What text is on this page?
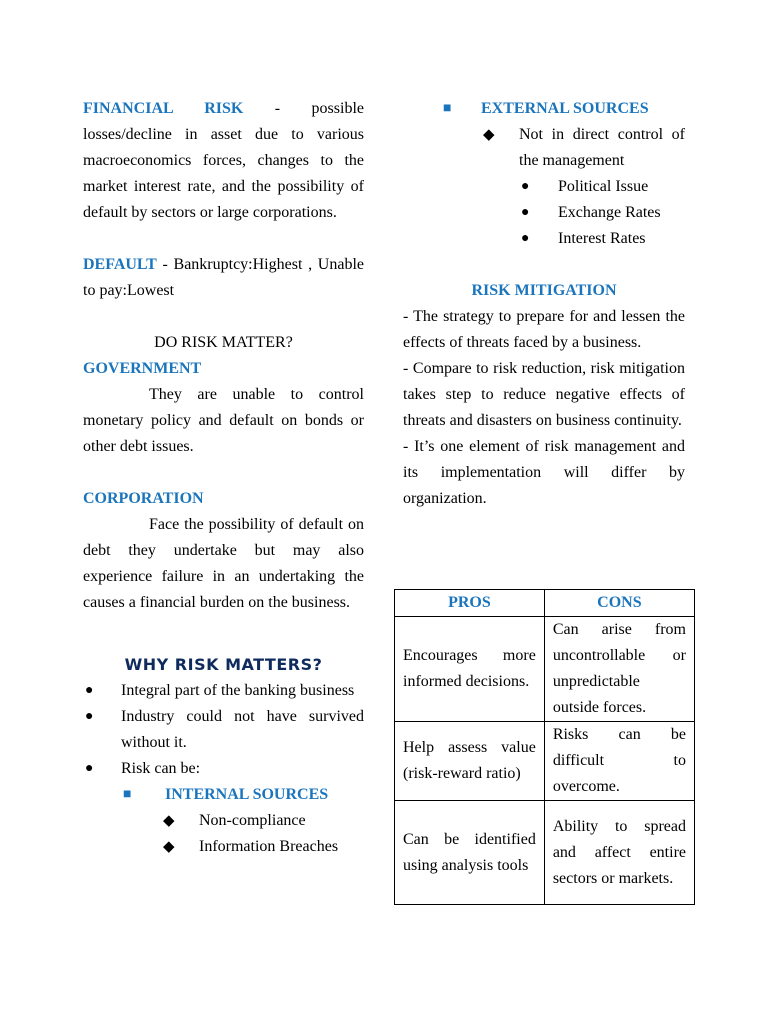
FINANCIAL RISK - possible losses/decline in asset due to various macroeconomics forces, changes to the market interest rate, and the possibility of default by sectors or large corporations.
DEFAULT - Bankruptcy:Highest , Unable to pay:Lowest
DO RISK MATTER?
GOVERNMENT
They are unable to control monetary policy and default on bonds or other debt issues.
CORPORATION
Face the possibility of default on debt they undertake but may also experience failure in an undertaking the causes a financial burden on the business.
WHY RISK MATTERS?
● Integral part of the banking business
● Industry could not have survived without it.
● Risk can be:
■ INTERNAL SOURCES
◆ Non-compliance
◆ Information Breaches
■ EXTERNAL SOURCES
◆ Not in direct control of the management
● Political Issue
● Exchange Rates
● Interest Rates
RISK MITIGATION
- The strategy to prepare for and lessen the effects of threats faced by a business.
- Compare to risk reduction, risk mitigation takes step to reduce negative effects of threats and disasters on business continuity.
- It’s one element of risk management and its implementation will differ by organization.
PROS	CONS
Encourages more informed decisions.	Can arise from uncontrollable or unpredictable outside forces.
Help assess value (risk-reward ratio)	Risks can be difficult to overcome.
Can be identified using analysis tools	Ability to spread and affect entire sectors or markets.
